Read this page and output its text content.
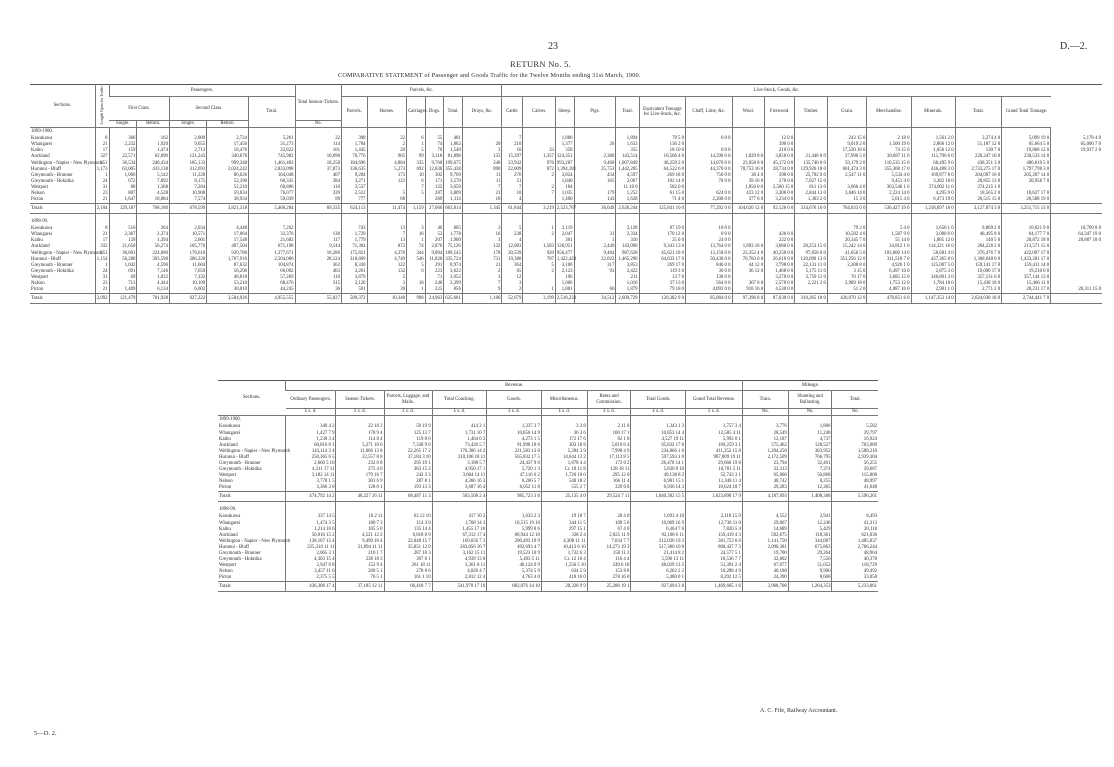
23	D.—2.
RETURN No. 5.
COMPARATIVE STATEMENT of Passenger and Goods Traffic for the Twelve Months ending 31st March, 1900.
Sections.	Length Open for Traffic.	Passengers.					Total Season-Tickets.	Parcels, &c.						Live-Stock, Goods, &c.															
		First Class.		Second Class.		Total.		Parcels.	Horses.	Carriages.	Dogs.	Total.	Drays, &c.	Cattle.	Calves.	Sheep.	Pigs.	Total.	Equivalent Tonnage for Live-Stock, &c.	Chaff, Lime, &c.	Wool.	Firewood.	Timber.	Grain.	Merchandise.	Minerals.	Total.	Grand Total Tonnage.	
		Single.	Return.	Single.	Return.		No.																						
1899-1900.																													
Kawakawa	8	366	162	2,009	2,724	5,261	22	398	22	6	55	481		7		1,886		1,894	78 5 0	6 0 0		12 0 0		243 15 0	2 18 0	1,561 2 0	3,274 4 0	5,099 19 0	5,178 4 0
Whangarei	21	2,232	1,920	9,655	17,456	31,273	114	1,784	2	1	74	1,862	20	210		1,377	26	1,633	136 2 0			390 0 0		9,019 2 0	1,500 19 0	2,866 12 0	51,187 12 0	65,664 5 0	65,000 7 0
Kaihu	17	159	1,474	2,713	18,476	22,822	101	1,445	20	5	70	1,540	3	10	33	358		355	18 10 0	0 0 0		210 0 0		17,520 18 0	74 15 0	1,056 12 0	130 7 0	19,868 12 0	19,917 2 0
Auckland	327	22,571	62,090	121,243	340,678	745,982	10,690	76,776	905	99	3,118	81,898	133	15,397	1,357	124,351	2,380	143,514	10,506 4 0	14,598 0 0	1,829 8 0	3,858 0 0	21,448 0 0	27,990 5 0	38,687 11 0	111,796 6 0	220,247 10 0	230,533 14 0	
Wellington - Napier - New Plymouth	451	36,534	240,434	185,133	999,340	1,461,483	18,258	184,696	4,884	335	9,760	199,675	240	23,942	976	993,287	9,460	1,007,849	48,259 2 0	14,070 0 0	23,058 8 0	45,172 0 0	135,740 0 0	59,179 2 0	110,535 15 0	68,495 9 0	438,351 3 0	486,610 5 0	
Hurunui - Bluff	1,173	63,005	433,138	312,693	2,024,242	2,833,098	37,873	336,635	5,273	692	12,838	355,438	890	22,009	872	1,394,181	25,753	1,442,205	64,522 6 0	44,370 0 0	78,753 16 0	28,734 0 0	129,926 18 0	661,474 3 0	355,308 17 0	436,488 3 0	2,733,275 17 0	1,797,798 3 0	
Greymouth - Brunner	1	1,066	5,142	11,220	86,626	104,048	407	9,284	173	10	302	9,769	11	276	2	3,824	434	4,597	269 18 0	750 0 0	38 4 0	398 0 0	25,702 9 0	2,547 11 0	5,534 4 0	169,877 8 0	204,097 16 0	205,287 14 0	
Greymouth - Hokitika	24	672	7,092	8,175	52,396	68,335	384	3,271	122	6	171	3,570	11	51		1,840	165	2,067	102 14 0	78 0 0	39 16 0	276 0 0	7,627 15 0		9,451 4 0	3,382 18 0	20,855 13 0	20,958 7 0	
Westport	31	88	1,308	7,284	52,210	60,886	116	3,537		7	122	3,659	7	7	2	184		11 10 0	582 0 0		1,856 0 0	2,500 15 0	811 13 0	3,066 4 0	363,546 1 0	374,002 11 0	374,215 1 0		
Nelson	23	807	4,528	10,908	59,834	76,077	339	2,512	5	5	287	3,809	21	10	7	1,035	179	1,252	61 15 0	624 0 0	423 12 0	3,306 0 0	2,844 13 0	3,846 14 0	2,224 14 0	4,295 9 0	18,565 2 0	18,627 17 0	
Picton	21	1,647	10,884	7,574	38,934	59,039	89	777	68		269	1,114	18	4		1,400	143	1,628	71 4 0	2,208 0 0	377 6 0	3,234 0 0	1,303 2 0	15 3 0	5,015 4 0	6,473 19 0	26,515 15 0	26,588 19 0	
Totals	2,104	129,187	768,180	678,599	3,821,318	5,468,284	69,335	624,113	11,474	1,159	27,066	663,814	1,345	61,844	3,219	2,523,787	36,049	2,626,244	125,841 10 0	77,292 0 0	104,620 12 0	92,126 0 0	334,676 16 0	764,033 0 0	536,427 19 0	1,218,697 16 0	3,127,874 3 0	3,251,715 13 0	

1898-99.																													
Kawakawa	8	516	264	2,034	4,448	7,262		743	13	3	46	805	3	5	1	2,119		2,128	87 19 0	18 0 0				79 2 0	5 4 0	1,650 1 0	8,869 2 0	10,621 9 0	10,709 8 0
Whangarei	21	2,367	2,374	10,571	17,064	32,376	130	1,729	7	16	52	1,778	16	238	2	2,047	31	2,334	170 12 0	0 0 0		426 0 0		10,582 4 0	1,587 9 0	3,080 6 0	48,495 8 0	64,177 7 0	64,347 19 0
Kaihu	17	139	1,394	2,601	17,548	21,682	117	1,779	13	1	207	1,900	3	4		301	1	310	25 0 0	24 0 0		222 0 0		20,345 7 0	55 14 0	1,885 12 0	140 5 0	28,872 18 0	28,887 18 0
Auckland	332	21,650	56,274	105,770	487,504	671,198	9,144	71,304	872	74	2,876	75,126	132	12,083	1,503	126,951	2,449	143,090	9,343 13 0	13,764 0 0	1,893 16 0	3,680 0 0	20,253 15 0	15,242 14 0	34,812 1 0	114,321 16 0	204,228 2 0	213,571 15 0	
Wellington - Napier - New Plymouth	451	36,601	224,680	176,610	939,780	1,377,671	16,286	175,821	4,376	344	9,004	189,545	178	20,539	920	956,477	9,484	987,628	45,621 10 0	13,158 0 0	23,352 4 0	40,250 0 0	97,858 0 0	41,656 5 0	103,600 14 0	56,681 4 0	376,476 7 0	422,097 17 0	
Hurunui - Bluff	1,154	56,280	393,590	286,220	1,767,916	2,504,006	28,124	318,869	4,749	546	11,820	335,724	731	19,380	707	1,422,420	22,022	1,465,290	64,633 17 0	50,438 0 0	70,783 0 0	26,616 0 0	120,690 13 0	351,256 12 0	311,518 7 0	437,365 8 0	1,368,648 0 0	1,433,281 17 0	
Greymouth - Brunner	1	1,042	4,596	11,604	87,632	104,874	362	8,330	122	5	291	8,974	21	364	5	3,106	317	3,853	269 17 0	846 0 0	44 12 0	3,798 0 0	22,131 11 0	2,308 8 0	4,926 1 0	125,087 5 0	159,141 17 0	159,411 14 0	
Greymouth - Hokitika	24	691	7,146	7,659	56,296	66,092	403	3,261	132	6	223	3,622	2	65	2	2,123	93	2,422	119 3 0	30 0 0	36 12 0	1,468 0 0	5,175 11 0	3 15 0	6,497 16 0	2,875 3 0	19,090 17 0	19,210 0 0	
Westport	31	69	1,032	7,332	48,818	57,269	110	3,879	2		71	3,952	3	12		196		211	13 7 0	138 0 0		3,270 0 0	3,759 11 0	70 17 0	3,685 15 0	346,801 3 0	357,131 6 0	357,144 13 0	
Nelson	23	713	4,444	10,109	53,210	68,476	315	3,120	3	18	248	3,399	7	3		1,006		1,016	37 13 0	564 0 0	367 8 0	2,578 0 0	2,221 2 0	2,989 18 0	1,753 12 0	1,784 18 0	15,438 18 0	15,466 11 0	
Picton	21	1,409	6,134	6,602	30,010	44,245	36	591	39	1	225	856	9	2	1	1,801	66	1,879	79 18 0	4,092 0 0	918 16 0	4,530 0 0		51 2 0	4,887 16 0	2,981 1 0	2,771 2 0	20,231 17 0	20,311 15 0
Totals	2,092	121,479	701,928	627,222	3,504,926	4,955,555	55,027	589,372	10,348	998	24,963	625,681	1,106	52,679	3,199	2,518,233	34,512	2,609,729	120,382 9 0	85,084 0 0	97,396 8 0	87,038 0 0	310,265 18 0	420,070 12 0	478,851 6 0	1,147,352 14 0	2,624,038 18 0	2,744,441 7 0	
Sections.	Revenue.									Mileage.		
	Ordinary Passengers.	Season Tickets.	Parcels, Luggage, and Mails.	Total Coaching.	Goods.	Miscellaneous.	Rents and Commission.	Total Goods.	Grand Total Revenue.	Train.	Shunting and Ballasting.	Total.
	£ s. d.	£ s. d.	£ s. d.	£ s. d.	£ s. d.	£ s. d.	£ s. d.	£ s. d.	£ s. d.	No.	No.	No.
1899-1900.												
Kawakawa	340 4 2	22 18 2	50 19 9	414 2 1	1,337 3 7	3 3 8	2 11 0	1,343 1 3	1,757 3 4	3,776	1,806	5,582
Whangarei	1,427 7 9	178 9 4	125 13 7	1,731 10 7	10,656 14 9	36 3 6	160 17 1	10,853 14 4	12,585 4 11	28,549	11,248	39,797
Kaihu	1,230 3 4	114 8 4	119 8 6	1,464 0 2	4,273 1 5	172 17 6	82 1 0	4,527 19 11	5,992 0 1	12,187	4,737	16,924
Auckland	60,816 6 1	5,271 10 6	7,338 9 0	73,426 5 7	91,998 18 6	303 18 8	5,019 6 4	95,832 17 0	169,259 3 1	575,462	128,527	703,989
Wellington - Napier - New Plymouth	143,114 3 4	11,006 13 8	22,265 17 2	176,386 14 2	221,583 13 0	5,284 3 9	7,998 4 9	234,866 1 6	411,252 15 8	1,204,258	383,952	1,588,210
Hurunui - Bluff	250,365 6 5	22,557 8 8	37,184 3 10	310,106 18 11	565,832 17 5	14,644 13 2	17,113 8 5	597,593 1 0	907,809 19 11	2,172,509	766,795	2,939,304
Greymouth - Brunner	2,660 5 10	232 0 8	295 19 1	3,188 5 7	24,437 9 0	1,878 4 4	173 0 2	26,478 14 1	29,666 19 8	23,794	32,461	56,255
Greymouth - Hokitika	4,311 17 11	275 4 0	363 15 2	4,950 17 1	5,720 1 3	Cr. 18 11 8	128 18 11	5,830 8 10	10,781 5 11	32,313	7,374	39,687
Westport	3,182 14 11	179 16 7	242 3 3	3,604 14 11	47,116 6 2	1,726 10 0	295 12 0	49,138 8 2	52,743 3 1	65,000	50,868	115,868
Nelson	3,778 1 5	301 6 9	287 8 1	4,366 16 3	6,266 5 7	548 18 2	166 11 4	6,981 15 1	11,348 11 4	40,742	8,255	48,997
Picton	3,366 3 0	128 0 1	193 13 3	3,687 16 4	6,052 11 8	555 2 7	329 0 0	6,936 14 3	10,624 10 7	29,283	12,365	41,648
Totals	474,792 14 2	40,227 16 11	68,487 11 3	583,508 2 4	985,723 3 6	25,135 4 0	29,524 7 11	1,040,382 15 5	1,623,890 17 9	4,187,893	1,408,368	5,596,261

1898-99.												
Kawakawa	337 14 5	16 2 11	63 12 10	417 10 2	1,633 2 3	19 18 7	20 4 0	1,693 4 10	2,110 15 0	4,552	3,941	8,493
Whangarei	1,474 3 5	180 7 3	114 3 9	1,768 14 3	10,515 19 10	344 11 5	109 5 6	10,969 16 9	12,738 11 0	29,067	12,246	41,313
Kaihu	1,214 18 6	105 5 0	135 14 4	1,455 17 10	5,999 8 6	297 15 1	67 4 0	6,364 7 6	7,820 5 4	14,689	5,429	20,118
Auckland	50,816 15 2	4,521 12 2	6,818 8 9	67,312 17 4	88,944 12 10	338 2 4	2,825 11 9	92,108 6 11	159,419 4 3	502,675	118,361	621,036
Wellington - Napier - New Plymouth	138,107 15 4	9,499 16 4	22,048 15 7	169,656 7 3	200,493 19 9	4,308 11 11	7,034 7 7	212,036 19 3	381,753 6 6	1,141,750	344,087	1,485,837
Hurunui - Bluff	225,310 11 11	21,894 11 11	35,851 12 9	283,056 16 7	492,693 4 7	10,413 6 10	14,273 19 3	517,380 10 8	800,437 7 3	2,090,381	675,863	2,766,244
Greymouth - Brunner	2,065 3 1	210 1 7	287 10 3	3,162 15 11	19,523 10 9	1,732 6 3	158 11 2	21,414 8 2	24,577 5 1	19,700	29,264	48,964
Greymouth - Hokitika	4,303 15 4	238 18 3	397 0 1	4,939 13 8	5,493 5 11	Cr. 12 16 4	116 4 4	5,596 13 11	10,536 7 7	32,802	7,556	40,378
Westport	2,947 0 8	152 9 4	261 18 11	3,361 8 11	46,124 0 9	1,556 5 10	249 6 10	48,029 13 5	51,391 2 4	67,677	51,052	118,729
Nelson	3,457 11 0	200 5 1	278 8 6	4,026 4 7	5,374 5 9	634 5 9	153 8 8	6,262 2 2	10,288 4 9	40,188	9,906	49,492
Picton	2,375 5 5	76 5 1	161 1 10	2,812 12 4	4,763 4 0	418 16 0	278 16 0	5,480 0 1	8,292 12 5	24,390	8,668	33,058
Totals	436,306 17 4	37,185 12 11	66,418 7 7	541,970 17 10	882,076 14 10	20,328 9 9	25,288 19 1	927,694 3 8	1,469,665 1 6	3,968,708	1,264,353	5,233,061
A. C. Fife, Railway Accountant.
5—D. 2.
